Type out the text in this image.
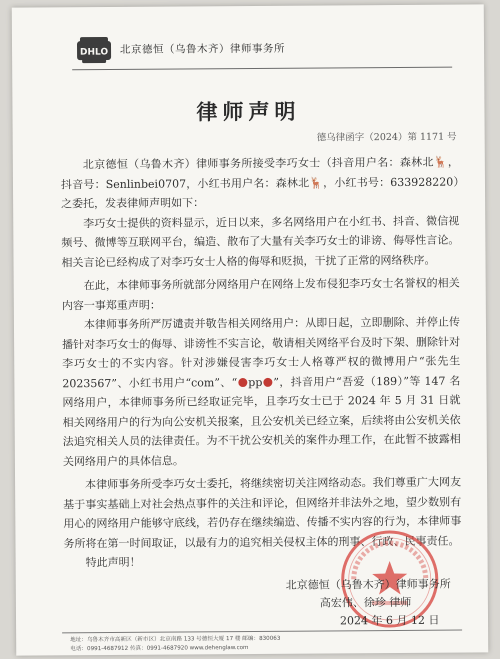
DHLO 北京德恒（乌鲁木齐）律师事务所
律师声明
德乌律函字（2024）第 1171 号

北京德恒（乌鲁木齐）律师事务所接受李巧女士（抖音用户名：森林北🦌，抖音号：Senlinbei0707，小红书用户名：森林北🦌，小红书号：633928220）之委托，发表律师声明如下：

李巧女士提供的资料显示，近日以来，多名网络用户在小红书、抖音、微信视频号、微博等互联网平台，编造、散布了大量有关李巧女士的诽谤、侮辱性言论。相关言论已经构成了对李巧女士人格的侮辱和贬损，干扰了正常的网络秩序。

在此，本律师事务所就部分网络用户在网络上发布侵犯李巧女士名誉权的相关内容一事郑重声明：

本律师事务所严厉谴责并敬告相关网络用户：从即日起，立即删除、并停止传播针对李巧女士的侮辱、诽谤性不实言论，敬请相关网络平台及时下架、删除针对李巧女士的不实内容。针对涉嫌侵害李巧女士人格尊严权的微博用户“张先生 2023567”、小红书用户“com”、“ pp ”，抖音用户“吾爱（189）”等 147 名网络用户，本律师事务所已经取证完毕，且李巧女士已于 2024 年 5 月 31 日就相关网络用户的行为向公安机关报案，且公安机关已经立案，后续将由公安机关依法追究相关人员的法律责任。为不干扰公安机关的案件办理工作，在此暂不披露相关网络用户的具体信息。

本律师事务所受李巧女士委托，将继续密切关注网络动态。我们尊重广大网友基于事实基础上对社会热点事件的关注和评论，但网络并非法外之地，望少数别有用心的网络用户能够守底线，若仍存在继续编造、传播不实内容的行为，本律师事务所将在第一时间取证，以最有力的追究相关侵权主体的刑事、行政、民事责任。

特此声明！

北京德恒（乌鲁木齐）律师事务所
高宏伟、徐珍 律师
2024 年 6 月 12 日
地址：乌鲁木齐市高新区（新市区）北京南路 133 号德恒大厦 17 楼 邮编：830063
电话：0991-4687912 传真：0991-4687920 www.dehenglaw.com
